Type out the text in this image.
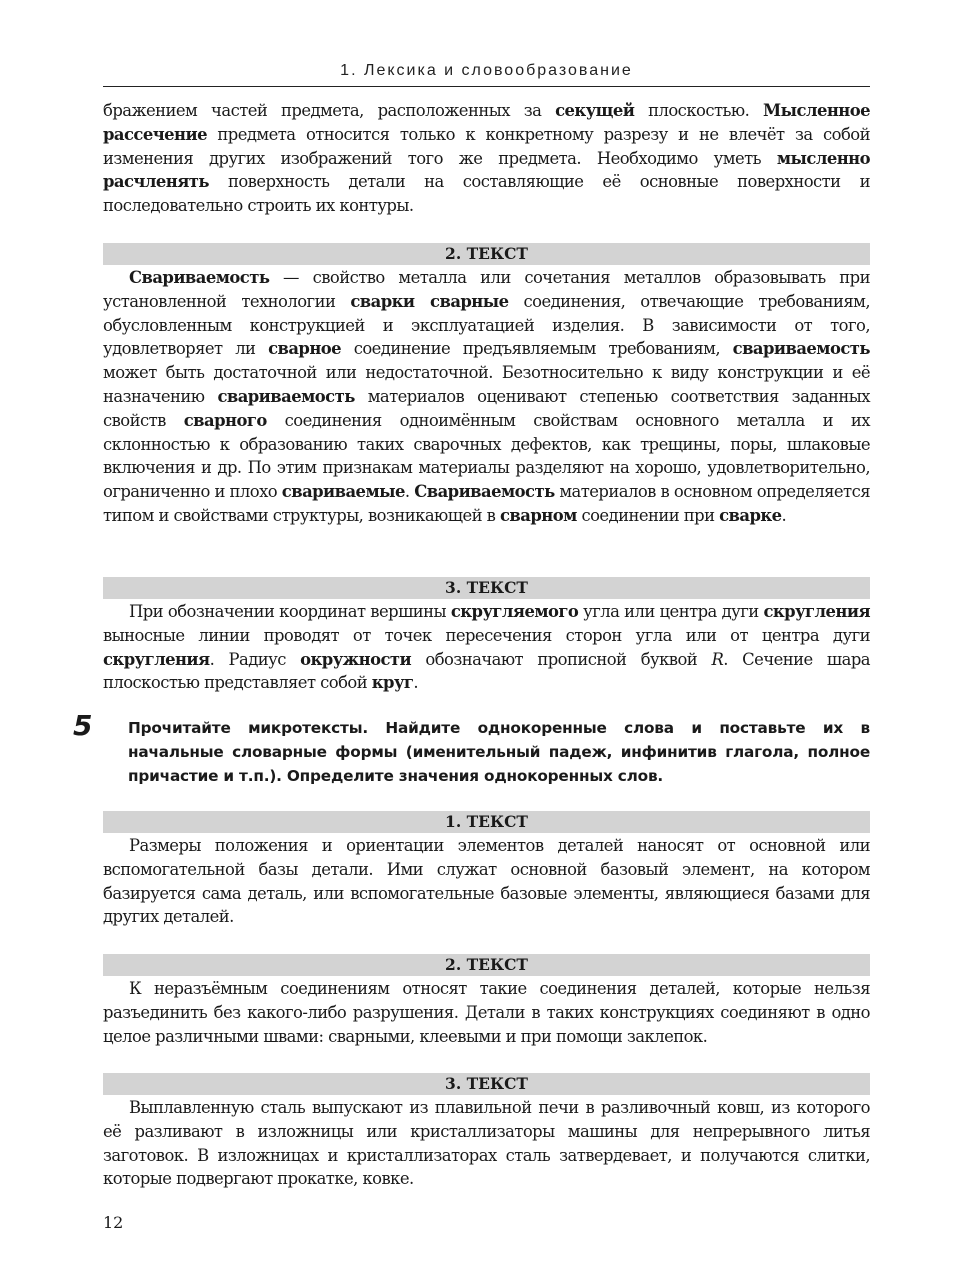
1. Лексика и словообразование

бражением частей предмета, расположенных за секущей плоскостью. Мысленное рассечение предмета относится только к конкретному разрезу и не влечёт за собой изменения других изображений того же предмета. Необходимо уметь мысленно расчленять поверхность детали на составляющие её основные поверхности и последовательно строить их контуры.

2. ТЕКСТ

Свариваемость — свойство металла или сочетания металлов образовывать при установленной технологии сварки сварные соединения, отвечающие требованиям, обусловленным конструкцией и эксплуатацией изделия. В зависимости от того, удовлетворяет ли сварное соединение предъявляемым требованиям, свариваемость может быть достаточной или недостаточной. Безотносительно к виду конструкции и её назначению свариваемость материалов оценивают степенью соответствия заданных свойств сварного соединения одноимённым свойствам основного металла и их склонностью к образованию таких сварочных дефектов, как трещины, поры, шлаковые включения и др. По этим признакам материалы разделяют на хорошо, удовлетворительно, ограниченно и плохо свариваемые. Свариваемость материалов в основном определяется типом и свойствами структуры, возникающей в сварном соединении при сварке.

3. ТЕКСТ

При обозначении координат вершины скругляемого угла или центра дуги скругления выносные линии проводят от точек пересечения сторон угла или от центра дуги скругления. Радиус окружности обозначают прописной буквой R. Сечение шара плоскостью представляет собой круг.

5 Прочитайте микротексты. Найдите однокоренные слова и поставьте их в начальные словарные формы (именительный падеж, инфинитив глагола, полное причастие и т.п.). Определите значения однокоренных слов.

1. ТЕКСТ

Размеры положения и ориентации элементов деталей наносят от основной или вспомогательной базы детали. Ими служат основной базовый элемент, на котором базируется сама деталь, или вспомогательные базовые элементы, являющиеся базами для других деталей.

2. ТЕКСТ

К неразъёмным соединениям относят такие соединения деталей, которые нельзя разъединить без какого-либо разрушения. Детали в таких конструкциях соединяют в одно целое различными швами: сварными, клеевыми и при помощи заклепок.

3. ТЕКСТ

Выплавленную сталь выпускают из плавильной печи в разливочный ковш, из которого её разливают в изложницы или кристаллизаторы машины для непрерывного литья заготовок. В изложницах и кристаллизаторах сталь затвердевает, и получаются слитки, которые подвергают прокатке, ковке.

12
